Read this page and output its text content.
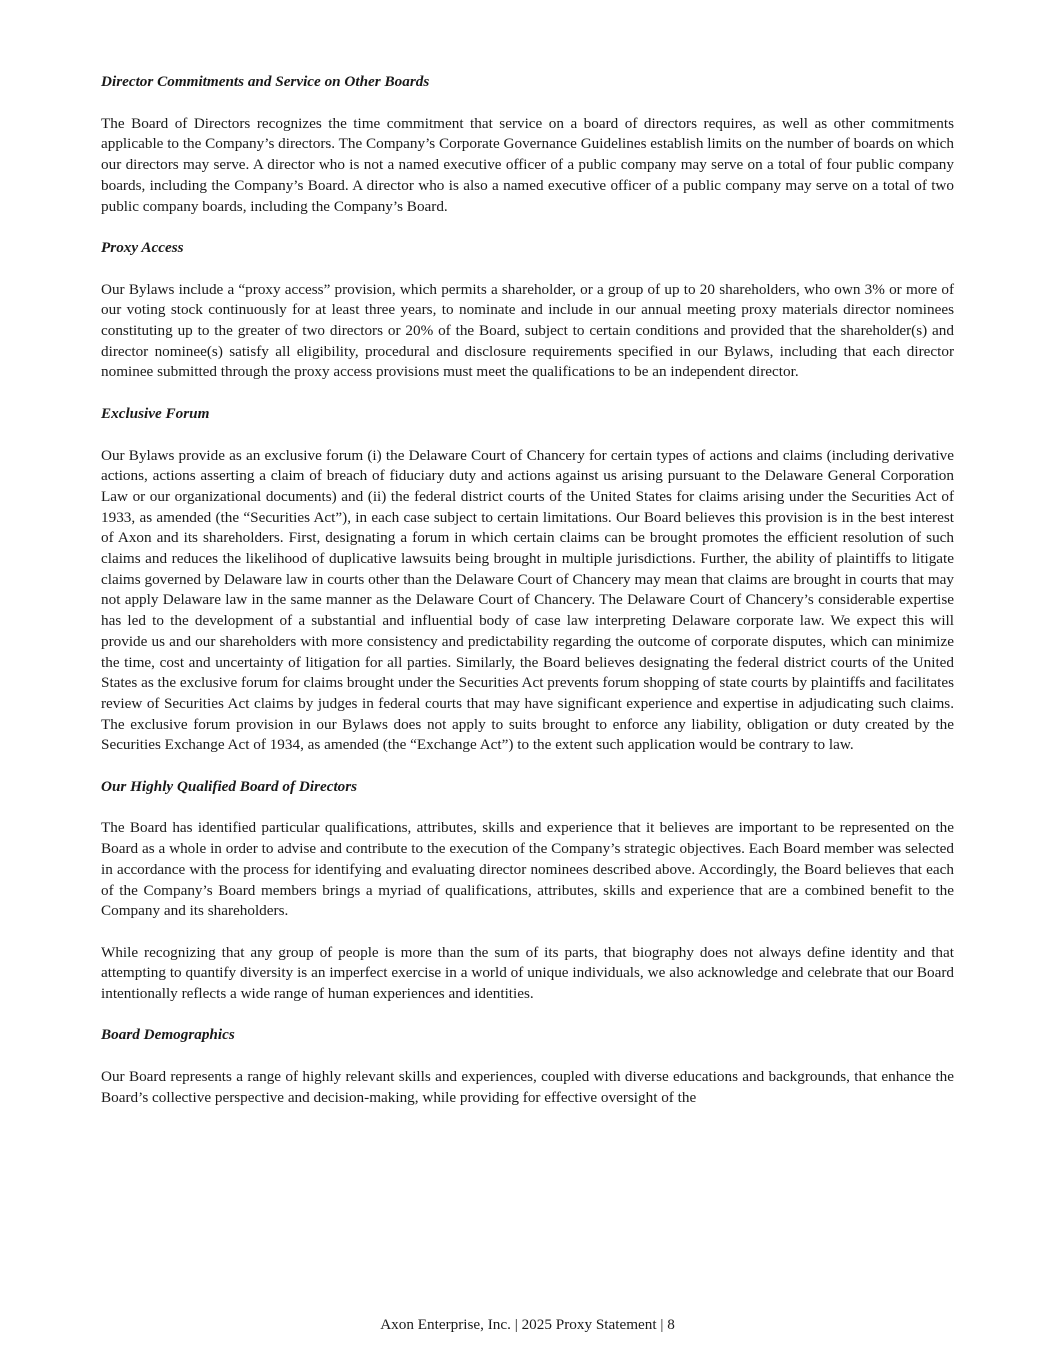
Director Commitments and Service on Other Boards

The Board of Directors recognizes the time commitment that service on a board of directors requires, as well as other commitments applicable to the Company’s directors. The Company’s Corporate Governance Guidelines establish limits on the number of boards on which our directors may serve. A director who is not a named executive officer of a public company may serve on a total of four public company boards, including the Company’s Board. A director who is also a named executive officer of a public company may serve on a total of two public company boards, including the Company’s Board.

Proxy Access

Our Bylaws include a “proxy access” provision, which permits a shareholder, or a group of up to 20 shareholders, who own 3% or more of our voting stock continuously for at least three years, to nominate and include in our annual meeting proxy materials director nominees constituting up to the greater of two directors or 20% of the Board, subject to certain conditions and provided that the shareholder(s) and director nominee(s) satisfy all eligibility, procedural and disclosure requirements specified in our Bylaws, including that each director nominee submitted through the proxy access provisions must meet the qualifications to be an independent director.

Exclusive Forum

Our Bylaws provide as an exclusive forum (i) the Delaware Court of Chancery for certain types of actions and claims (including derivative actions, actions asserting a claim of breach of fiduciary duty and actions against us arising pursuant to the Delaware General Corporation Law or our organizational documents) and (ii) the federal district courts of the United States for claims arising under the Securities Act of 1933, as amended (the “Securities Act”), in each case subject to certain limitations. Our Board believes this provision is in the best interest of Axon and its shareholders. First, designating a forum in which certain claims can be brought promotes the efficient resolution of such claims and reduces the likelihood of duplicative lawsuits being brought in multiple jurisdictions. Further, the ability of plaintiffs to litigate claims governed by Delaware law in courts other than the Delaware Court of Chancery may mean that claims are brought in courts that may not apply Delaware law in the same manner as the Delaware Court of Chancery. The Delaware Court of Chancery’s considerable expertise has led to the development of a substantial and influential body of case law interpreting Delaware corporate law. We expect this will provide us and our shareholders with more consistency and predictability regarding the outcome of corporate disputes, which can minimize the time, cost and uncertainty of litigation for all parties. Similarly, the Board believes designating the federal district courts of the United States as the exclusive forum for claims brought under the Securities Act prevents forum shopping of state courts by plaintiffs and facilitates review of Securities Act claims by judges in federal courts that may have significant experience and expertise in adjudicating such claims. The exclusive forum provision in our Bylaws does not apply to suits brought to enforce any liability, obligation or duty created by the Securities Exchange Act of 1934, as amended (the “Exchange Act”) to the extent such application would be contrary to law.

Our Highly Qualified Board of Directors

The Board has identified particular qualifications, attributes, skills and experience that it believes are important to be represented on the Board as a whole in order to advise and contribute to the execution of the Company’s strategic objectives. Each Board member was selected in accordance with the process for identifying and evaluating director nominees described above. Accordingly, the Board believes that each of the Company’s Board members brings a myriad of qualifications, attributes, skills and experience that are a combined benefit to the Company and its shareholders.

While recognizing that any group of people is more than the sum of its parts, that biography does not always define identity and that attempting to quantify diversity is an imperfect exercise in a world of unique individuals, we also acknowledge and celebrate that our Board intentionally reflects a wide range of human experiences and identities.

Board Demographics

Our Board represents a range of highly relevant skills and experiences, coupled with diverse educations and backgrounds, that enhance the Board’s collective perspective and decision-making, while providing for effective oversight of the

Axon Enterprise, Inc. | 2025 Proxy Statement | 8
